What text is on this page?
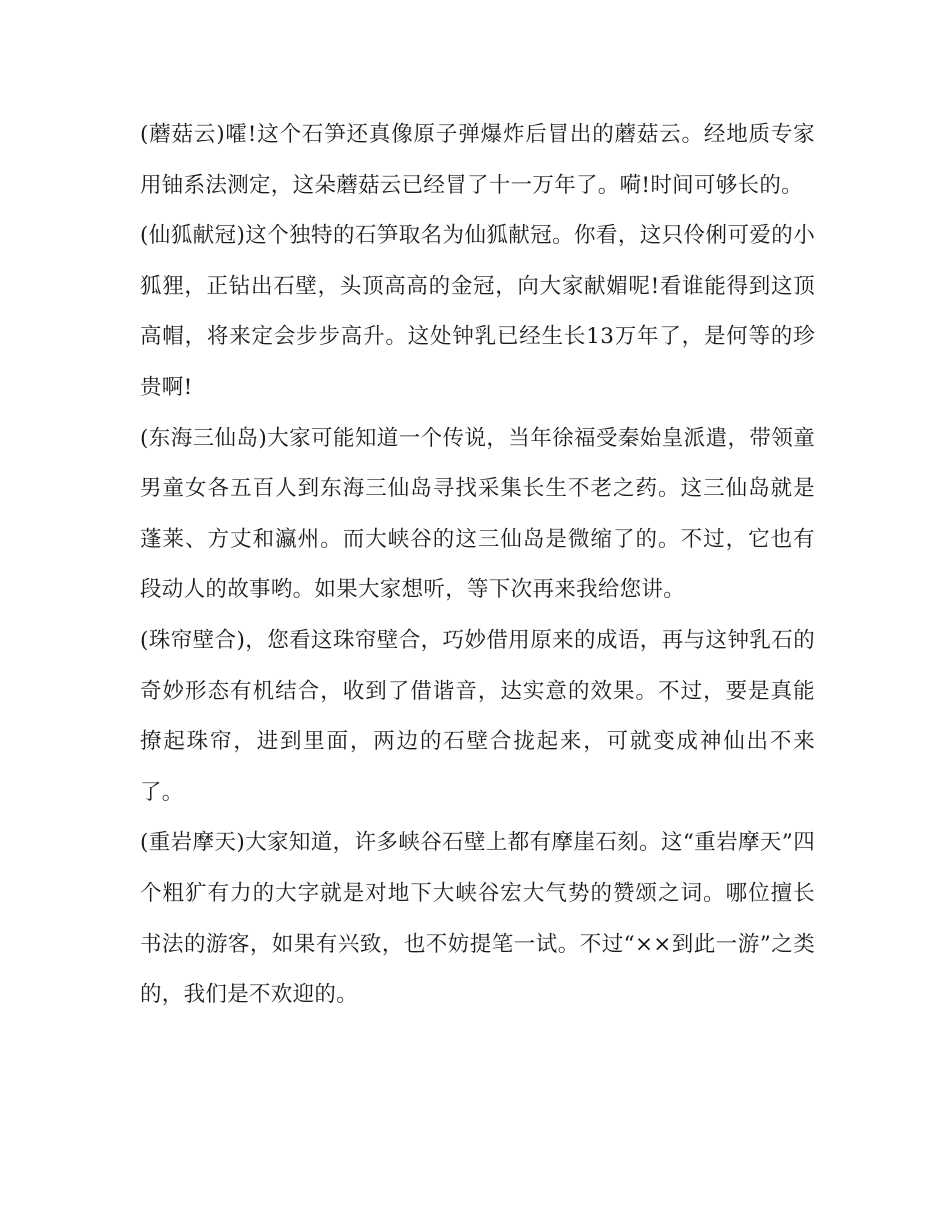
(蘑菇云)嚯!这个石笋还真像原子弹爆炸后冒出的蘑菇云。经地质专家用铀系法测定，这朵蘑菇云已经冒了十一万年了。嗬!时间可够长的。

(仙狐献冠)这个独特的石笋取名为仙狐献冠。你看，这只伶俐可爱的小狐狸，正钻出石壁，头顶高高的金冠，向大家献媚呢!看谁能得到这顶高帽，将来定会步步高升。这处钟乳已经生长13万年了，是何等的珍贵啊!

(东海三仙岛)大家可能知道一个传说，当年徐福受秦始皇派遣，带领童男童女各五百人到东海三仙岛寻找采集长生不老之药。这三仙岛就是蓬莱、方丈和瀛州。而大峡谷的这三仙岛是微缩了的。不过，它也有段动人的故事哟。如果大家想听，等下次再来我给您讲。

(珠帘壁合)，您看这珠帘壁合，巧妙借用原来的成语，再与这钟乳石的奇妙形态有机结合，收到了借谐音，达实意的效果。不过，要是真能撩起珠帘，进到里面，两边的石壁合拢起来，可就变成神仙出不来了。

(重岩摩天)大家知道，许多峡谷石壁上都有摩崖石刻。这“重岩摩天”四个粗犷有力的大字就是对地下大峡谷宏大气势的赞颂之词。哪位擅长书法的游客，如果有兴致，也不妨提笔一试。不过“××到此一游”之类的，我们是不欢迎的。
